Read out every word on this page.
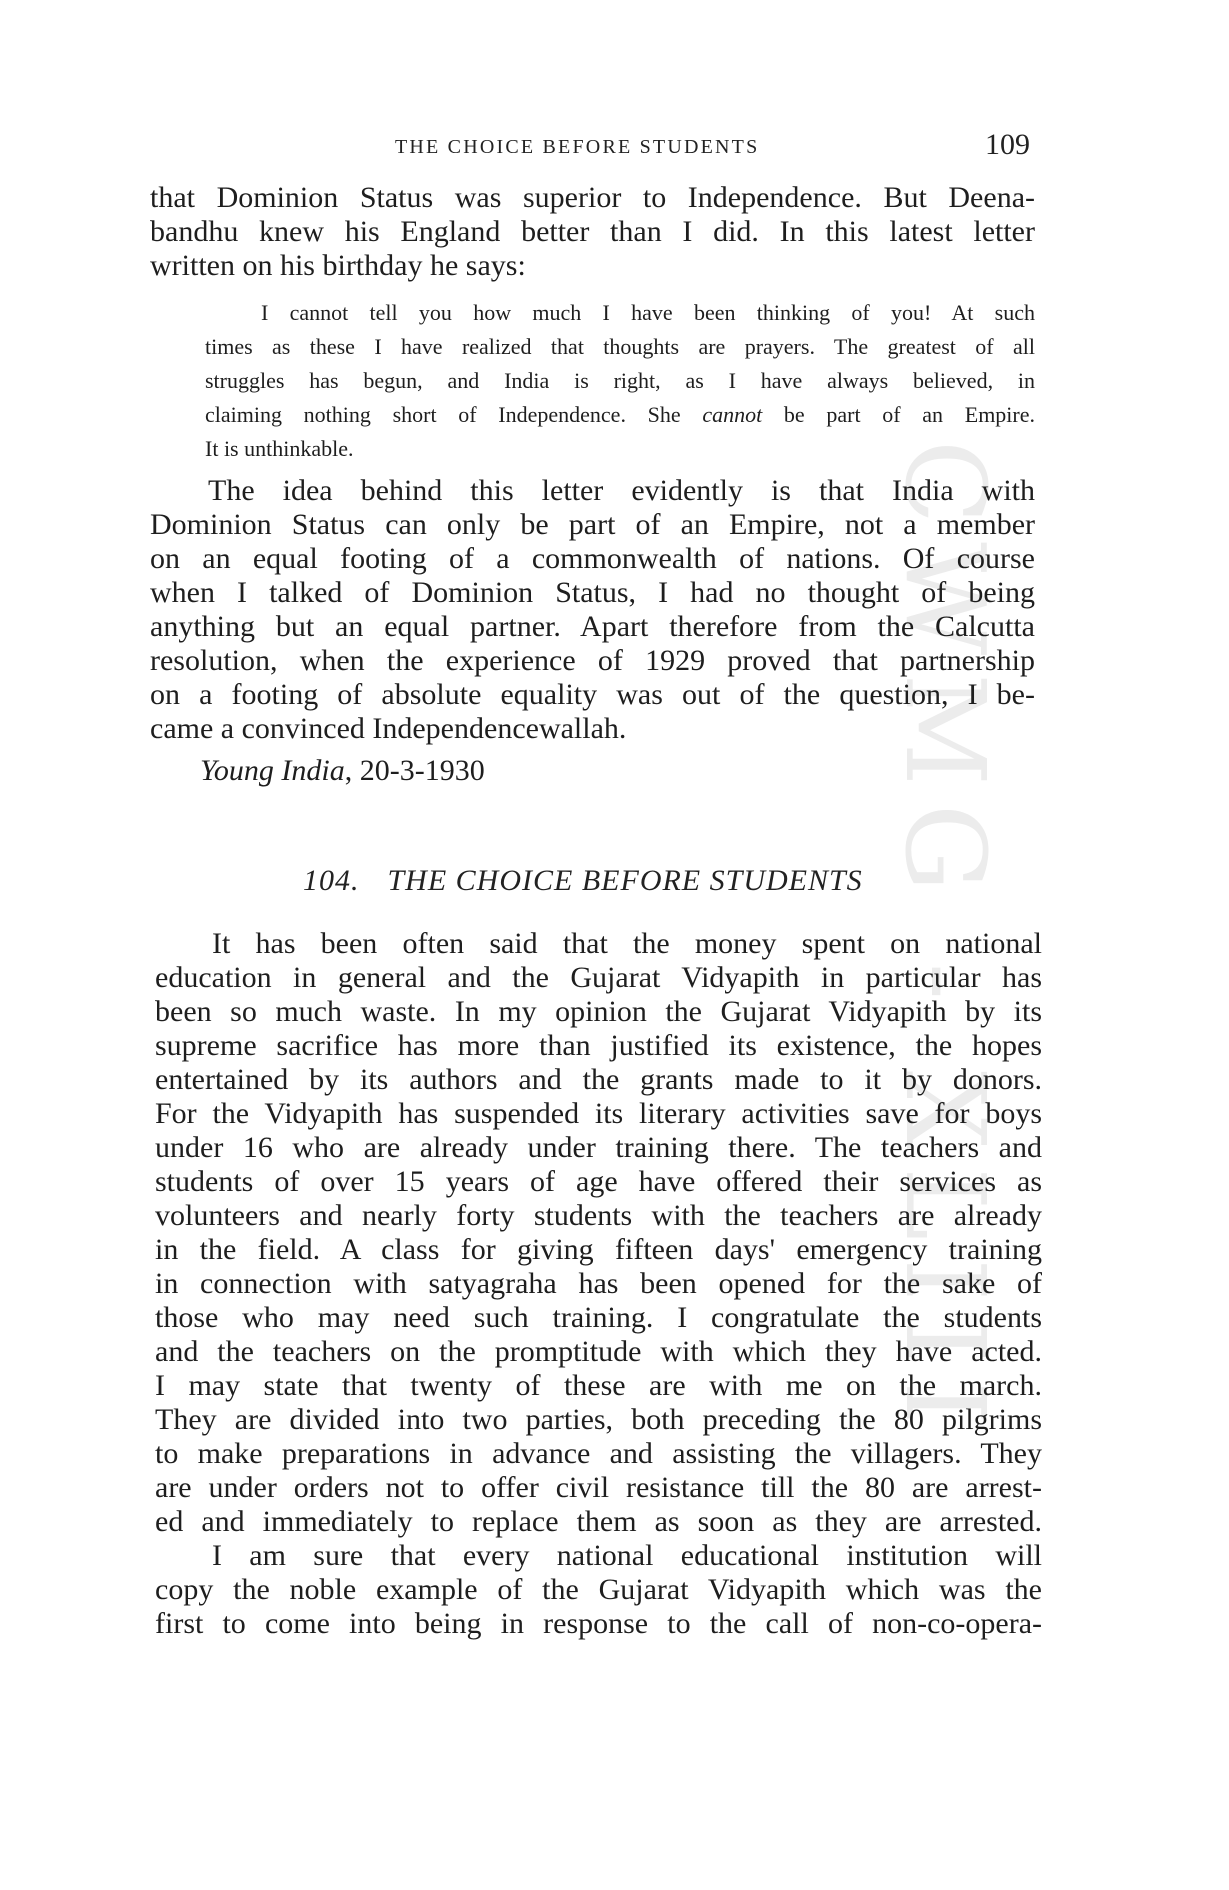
CWMG - XLIII
THE CHOICE BEFORE STUDENTS	109
that Dominion Status was superior to Independence. But Deena-
bandhu knew his England better than I did. In this latest letter
written on his birthday he says:
I cannot tell you how much I have been thinking of you! At such
times as these I have realized that thoughts are prayers. The greatest of all
struggles has begun, and India is right, as I have always believed, in
claiming nothing short of Independence. She cannot be part of an Empire.
It is unthinkable.
The idea behind this letter evidently is that India with
Dominion Status can only be part of an Empire, not a member
on an equal footing of a commonwealth of nations. Of course
when I talked of Dominion Status, I had no thought of being
anything but an equal partner. Apart therefore from the Calcutta
resolution, when the experience of 1929 proved that partnership
on a footing of absolute equality was out of the question, I be-
came a convinced Independencewallah.
Young India, 20-3-1930
104. THE CHOICE BEFORE STUDENTS
It has been often said that the money spent on national
education in general and the Gujarat Vidyapith in particular has
been so much waste. In my opinion the Gujarat Vidyapith by its
supreme sacrifice has more than justified its existence, the hopes
entertained by its authors and the grants made to it by donors.
For the Vidyapith has suspended its literary activities save for boys
under 16 who are already under training there. The teachers and
students of over 15 years of age have offered their services as
volunteers and nearly forty students with the teachers are already
in the field. A class for giving fifteen days' emergency training
in connection with satyagraha has been opened for the sake of
those who may need such training. I congratulate the students
and the teachers on the promptitude with which they have acted.
I may state that twenty of these are with me on the march.
They are divided into two parties, both preceding the 80 pilgrims
to make preparations in advance and assisting the villagers. They
are under orders not to offer civil resistance till the 80 are arrest-
ed and immediately to replace them as soon as they are arrested.
I am sure that every national educational institution will
copy the noble example of the Gujarat Vidyapith which was the
first to come into being in response to the call of non-co-opera-
